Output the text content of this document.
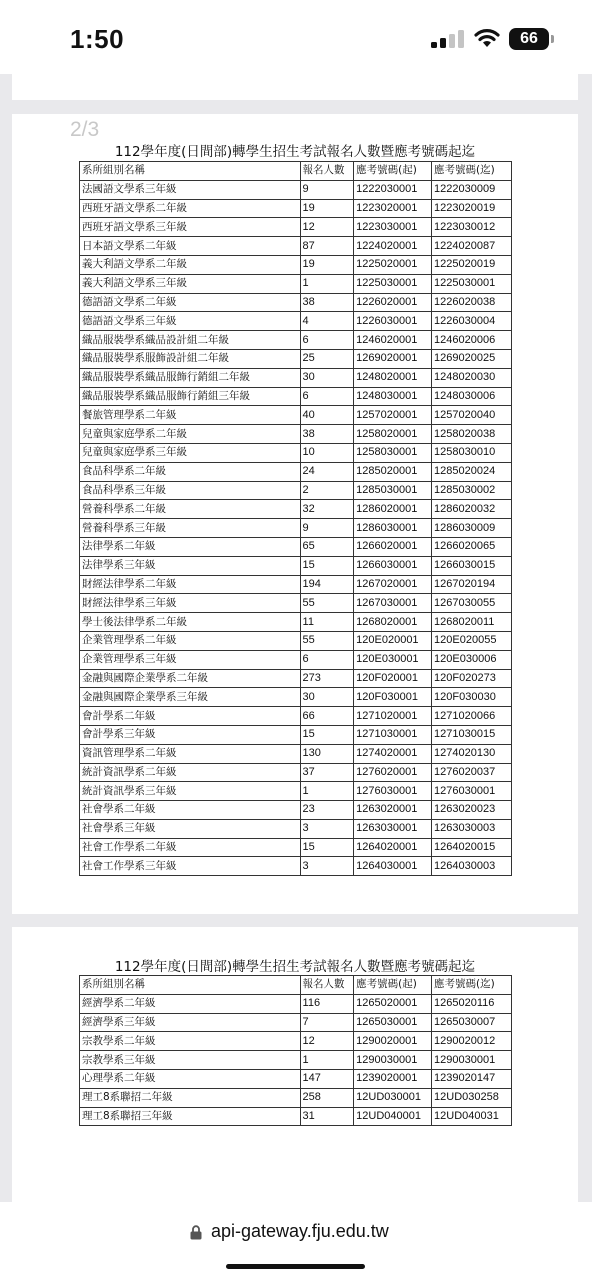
1:50	66
2/3
112學年度(日間部)轉學生招生考試報名人數暨應考號碼起迄
系所組別名稱	報名人數	應考號碼(起)	應考號碼(迄)
法國語文學系三年級	9	1222030001	1222030009
西班牙語文學系二年級	19	1223020001	1223020019
西班牙語文學系三年級	12	1223030001	1223030012
日本語文學系二年級	87	1224020001	1224020087
義大利語文學系二年級	19	1225020001	1225020019
義大利語文學系三年級	1	1225030001	1225030001
德語語文學系二年級	38	1226020001	1226020038
德語語文學系三年級	4	1226030001	1226030004
織品服裝學系織品設計組二年級	6	1246020001	1246020006
織品服裝學系服飾設計組二年級	25	1269020001	1269020025
織品服裝學系織品服飾行銷組二年級	30	1248020001	1248020030
織品服裝學系織品服飾行銷組三年級	6	1248030001	1248030006
餐旅管理學系二年級	40	1257020001	1257020040
兒童與家庭學系二年級	38	1258020001	1258020038
兒童與家庭學系三年級	10	1258030001	1258030010
食品科學系二年級	24	1285020001	1285020024
食品科學系三年級	2	1285030001	1285030002
營養科學系二年級	32	1286020001	1286020032
營養科學系三年級	9	1286030001	1286030009
法律學系二年級	65	1266020001	1266020065
法律學系三年級	15	1266030001	1266030015
財經法律學系二年級	194	1267020001	1267020194
財經法律學系三年級	55	1267030001	1267030055
學士後法律學系二年級	11	1268020001	1268020011
企業管理學系二年級	55	120E020001	120E020055
企業管理學系三年級	6	120E030001	120E030006
金融與國際企業學系二年級	273	120F020001	120F020273
金融與國際企業學系三年級	30	120F030001	120F030030
會計學系二年級	66	1271020001	1271020066
會計學系三年級	15	1271030001	1271030015
資訊管理學系二年級	130	1274020001	1274020130
統計資訊學系二年級	37	1276020001	1276020037
統計資訊學系三年級	1	1276030001	1276030001
社會學系二年級	23	1263020001	1263020023
社會學系三年級	3	1263030001	1263030003
社會工作學系二年級	15	1264020001	1264020015
社會工作學系三年級	3	1264030001	1264030003
112學年度(日間部)轉學生招生考試報名人數暨應考號碼起迄
系所組別名稱	報名人數	應考號碼(起)	應考號碼(迄)
經濟學系二年級	116	1265020001	1265020116
經濟學系三年級	7	1265030001	1265030007
宗教學系二年級	12	1290020001	1290020012
宗教學系三年級	1	1290030001	1290030001
心理學系二年級	147	1239020001	1239020147
理工8系聯招二年級	258	12UD030001	12UD030258
理工8系聯招三年級	31	12UD040001	12UD040031
api-gateway.fju.edu.tw
